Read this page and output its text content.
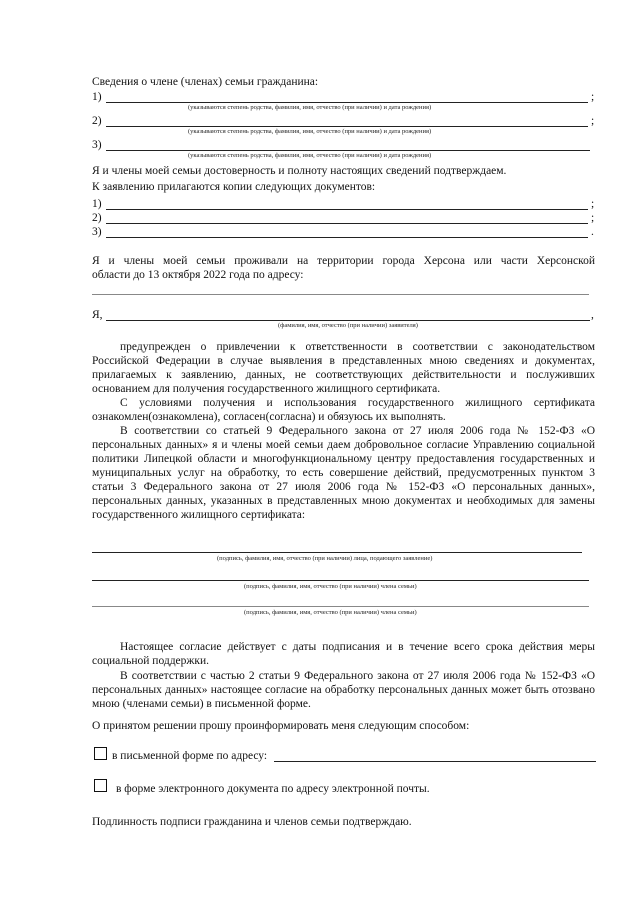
Сведения о члене (членах) семьи гражданина:
1)	;
(указываются степень родства, фамилия, имя, отчество (при наличии) и дата рождения)
2)	;
(указываются степень родства, фамилия, имя, отчество (при наличии) и дата рождения)
3)
(указываются степень родства, фамилия, имя, отчество (при наличии) и дата рождения)
Я и члены моей семьи достоверность и полноту настоящих сведений подтверждаем.
К заявлению прилагаются копии следующих документов:
1)	;
2)	;
3)	.
Я и члены моей семьи проживали на территории города Херсона или части Херсонской
области до 13 октября 2022 года по адресу:
Я,	,
(фамилия, имя, отчество (при наличии) заявителя)
предупрежден о привлечении к ответственности в соответствии с законодательством Российской Федерации в случае выявления в представленных мною сведениях и документах, прилагаемых к заявлению, данных, не соответствующих действительности и послуживших основанием для получения государственного жилищного сертификата.
С условиями получения и использования государственного жилищного сертификата ознакомлен(ознакомлена), согласен(согласна) и обязуюсь их выполнять.
В соответствии со статьей 9 Федерального закона от 27 июля 2006 года № 152-ФЗ «О персональных данных» я и члены моей семьи даем добровольное согласие Управлению социальной политики Липецкой области и многофункциональному центру предоставления государственных и муниципальных услуг на обработку, то есть совершение действий, предусмотренных пунктом 3 статьи 3 Федерального закона от 27 июля 2006 года № 152-ФЗ «О персональных данных», персональных данных, указанных в представленных мною документах и необходимых для замены государственного жилищного сертификата:
(подпись, фамилия, имя, отчество (при наличии) лица, подающего заявление)
(подпись, фамилия, имя, отчество (при наличии) члена семьи)
(подпись, фамилия, имя, отчество (при наличии) члена семьи)
Настоящее согласие действует с даты подписания и в течение всего срока действия меры социальной поддержки.
В соответствии с частью 2 статьи 9 Федерального закона от 27 июля 2006 года № 152-ФЗ «О персональных данных» настоящее согласие на обработку персональных данных может быть отозвано мною (членами семьи) в письменной форме.
О принятом решении прошу проинформировать меня следующим способом:
в письменной форме по адресу:
в форме электронного документа по адресу электронной почты.
Подлинность подписи гражданина и членов семьи подтверждаю.
